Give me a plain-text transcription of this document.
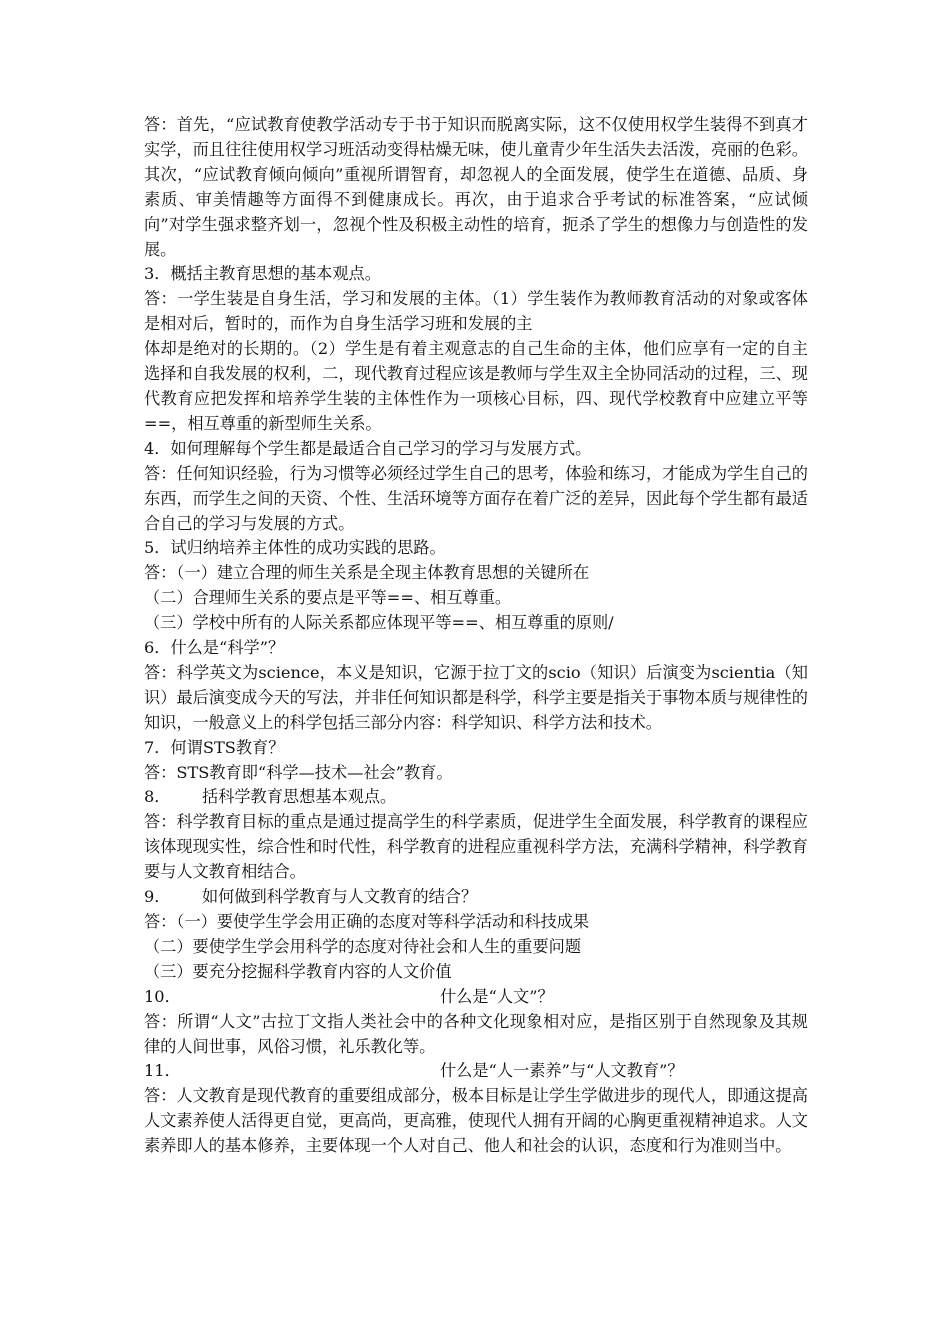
答：首先，“应试教育使教学活动专于书于知识而脱离实际，这不仅使用权学生装得不到真才实学，而且往往使用权学习班活动变得枯燥无味，使儿童青少年生活失去活泼，亮丽的色彩。其次，“应试教育倾向倾向”重视所谓智育，却忽视人的全面发展，使学生在道德、品质、身素质、审美情趣等方面得不到健康成长。再次，由于追求合乎考试的标准答案，“应试倾向”对学生强求整齐划一，忽视个性及积极主动性的培育，扼杀了学生的想像力与创造性的发展。

3．概括主教育思想的基本观点。

答：一学生装是自身生活，学习和发展的主体。（1）学生装作为教师教育活动的对象或客体是相对后，暂时的，而作为自身生活学习班和发展的主

体却是绝对的长期的。（2）学生是有着主观意志的自己生命的主体，他们应享有一定的自主选择和自我发展的权利，二，现代教育过程应该是教师与学生双主全协同活动的过程，三、现代教育应把发挥和培养学生装的主体性作为一项核心目标，四、现代学校教育中应建立平等==，相互尊重的新型师生关系。

4．如何理解每个学生都是最适合自己学习的学习与发展方式。

答：任何知识经验，行为习惯等必须经过学生自己的思考，体验和练习，才能成为学生自己的东西，而学生之间的天资、个性、生活环境等方面存在着广泛的差异，因此每个学生都有最适合自己的学习与发展的方式。

5．试归纳培养主体性的成功实践的思路。

答：（一）建立合理的师生关系是全现主体教育思想的关键所在

（二）合理师生关系的要点是平等==、相互尊重。

（三）学校中所有的人际关系都应体现平等==、相互尊重的原则/

6．什么是“科学”？

答：科学英文为science，本义是知识，它源于拉丁文的scio（知识）后演变为scientia（知识）最后演变成今天的写法，并非任何知识都是科学，科学主要是指关于事物本质与规律性的知识，一般意义上的科学包括三部分内容：科学知识、科学方法和技术。

7．何谓STS教育？

答：STS教育即“科学—技术—社会”教育。

8． 括科学教育思想基本观点。

答：科学教育目标的重点是通过提高学生的科学素质，促进学生全面发展，科学教育的课程应该体现现实性，综合性和时代性，科学教育的进程应重视科学方法，充满科学精神，科学教育要与人文教育相结合。

9． 如何做到科学教育与人文教育的结合？

答：（一）要使学生学会用正确的态度对等科学活动和科技成果

（二）要使学生学会用科学的态度对待社会和人生的重要问题

（三）要充分挖掘科学教育内容的人文价值

10．	什么是“人文”？

答：所谓“人文”古拉丁文指人类社会中的各种文化现象相对应，是指区别于自然现象及其规律的人间世事，风俗习惯，礼乐教化等。

11．	什么是“人一素养”与“人文教育”？

答：人文教育是现代教育的重要组成部分，极本目标是让学生学做进步的现代人，即通这提高人文素养使人活得更自觉，更高尚，更高雅，使现代人拥有开阔的心胸更重视精神追求。人文素养即人的基本修养，主要体现一个人对自己、他人和社会的认识，态度和行为准则当中。
